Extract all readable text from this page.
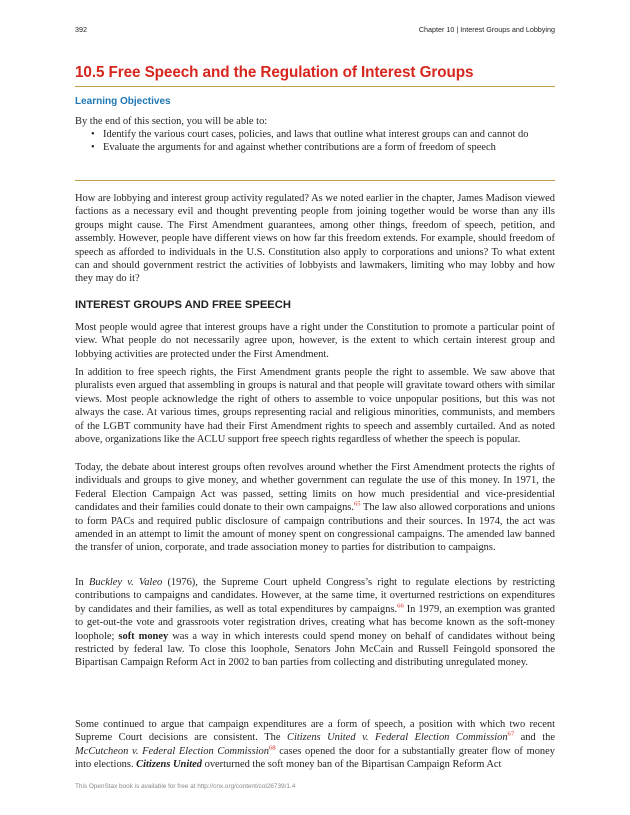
392	Chapter 10 | Interest Groups and Lobbying
10.5 Free Speech and the Regulation of Interest Groups
Learning Objectives
By the end of this section, you will be able to:
• Identify the various court cases, policies, and laws that outline what interest groups can and cannot do
• Evaluate the arguments for and against whether contributions are a form of freedom of speech
How are lobbying and interest group activity regulated? As we noted earlier in the chapter, James Madison viewed factions as a necessary evil and thought preventing people from joining together would be worse than any ills groups might cause. The First Amendment guarantees, among other things, freedom of speech, petition, and assembly. However, people have different views on how far this freedom extends. For example, should freedom of speech as afforded to individuals in the U.S. Constitution also apply to corporations and unions? To what extent can and should government restrict the activities of lobbyists and lawmakers, limiting who may lobby and how they may do it?
INTEREST GROUPS AND FREE SPEECH
Most people would agree that interest groups have a right under the Constitution to promote a particular point of view. What people do not necessarily agree upon, however, is the extent to which certain interest group and lobbying activities are protected under the First Amendment.
In addition to free speech rights, the First Amendment grants people the right to assemble. We saw above that pluralists even argued that assembling in groups is natural and that people will gravitate toward others with similar views. Most people acknowledge the right of others to assemble to voice unpopular positions, but this was not always the case. At various times, groups representing racial and religious minorities, communists, and members of the LGBT community have had their First Amendment rights to speech and assembly curtailed. And as noted above, organizations like the ACLU support free speech rights regardless of whether the speech is popular.
Today, the debate about interest groups often revolves around whether the First Amendment protects the rights of individuals and groups to give money, and whether government can regulate the use of this money. In 1971, the Federal Election Campaign Act was passed, setting limits on how much presidential and vice-presidential candidates and their families could donate to their own campaigns.$^{65}$ The law also allowed corporations and unions to form PACs and required public disclosure of campaign contributions and their sources. In 1974, the act was amended in an attempt to limit the amount of money spent on congressional campaigns. The amended law banned the transfer of union, corporate, and trade association money to parties for distribution to campaigns.
In Buckley v. Valeo (1976), the Supreme Court upheld Congress’s right to regulate elections by restricting contributions to campaigns and candidates. However, at the same time, it overturned restrictions on expenditures by candidates and their families, as well as total expenditures by campaigns.$^{66}$ In 1979, an exemption was granted to get-out-the vote and grassroots voter registration drives, creating what has become known as the soft-money loophole; soft money was a way in which interests could spend money on behalf of candidates without being restricted by federal law. To close this loophole, Senators John McCain and Russell Feingold sponsored the Bipartisan Campaign Reform Act in 2002 to ban parties from collecting and distributing unregulated money.
Some continued to argue that campaign expenditures are a form of speech, a position with which two recent Supreme Court decisions are consistent. The Citizens United v. Federal Election Commission$^{67}$ and the McCutcheon v. Federal Election Commission$^{68}$ cases opened the door for a substantially greater flow of money into elections. Citizens United overturned the soft money ban of the Bipartisan Campaign Reform Act
This OpenStax book is available for free at http://cnx.org/content/col26739/1.4
